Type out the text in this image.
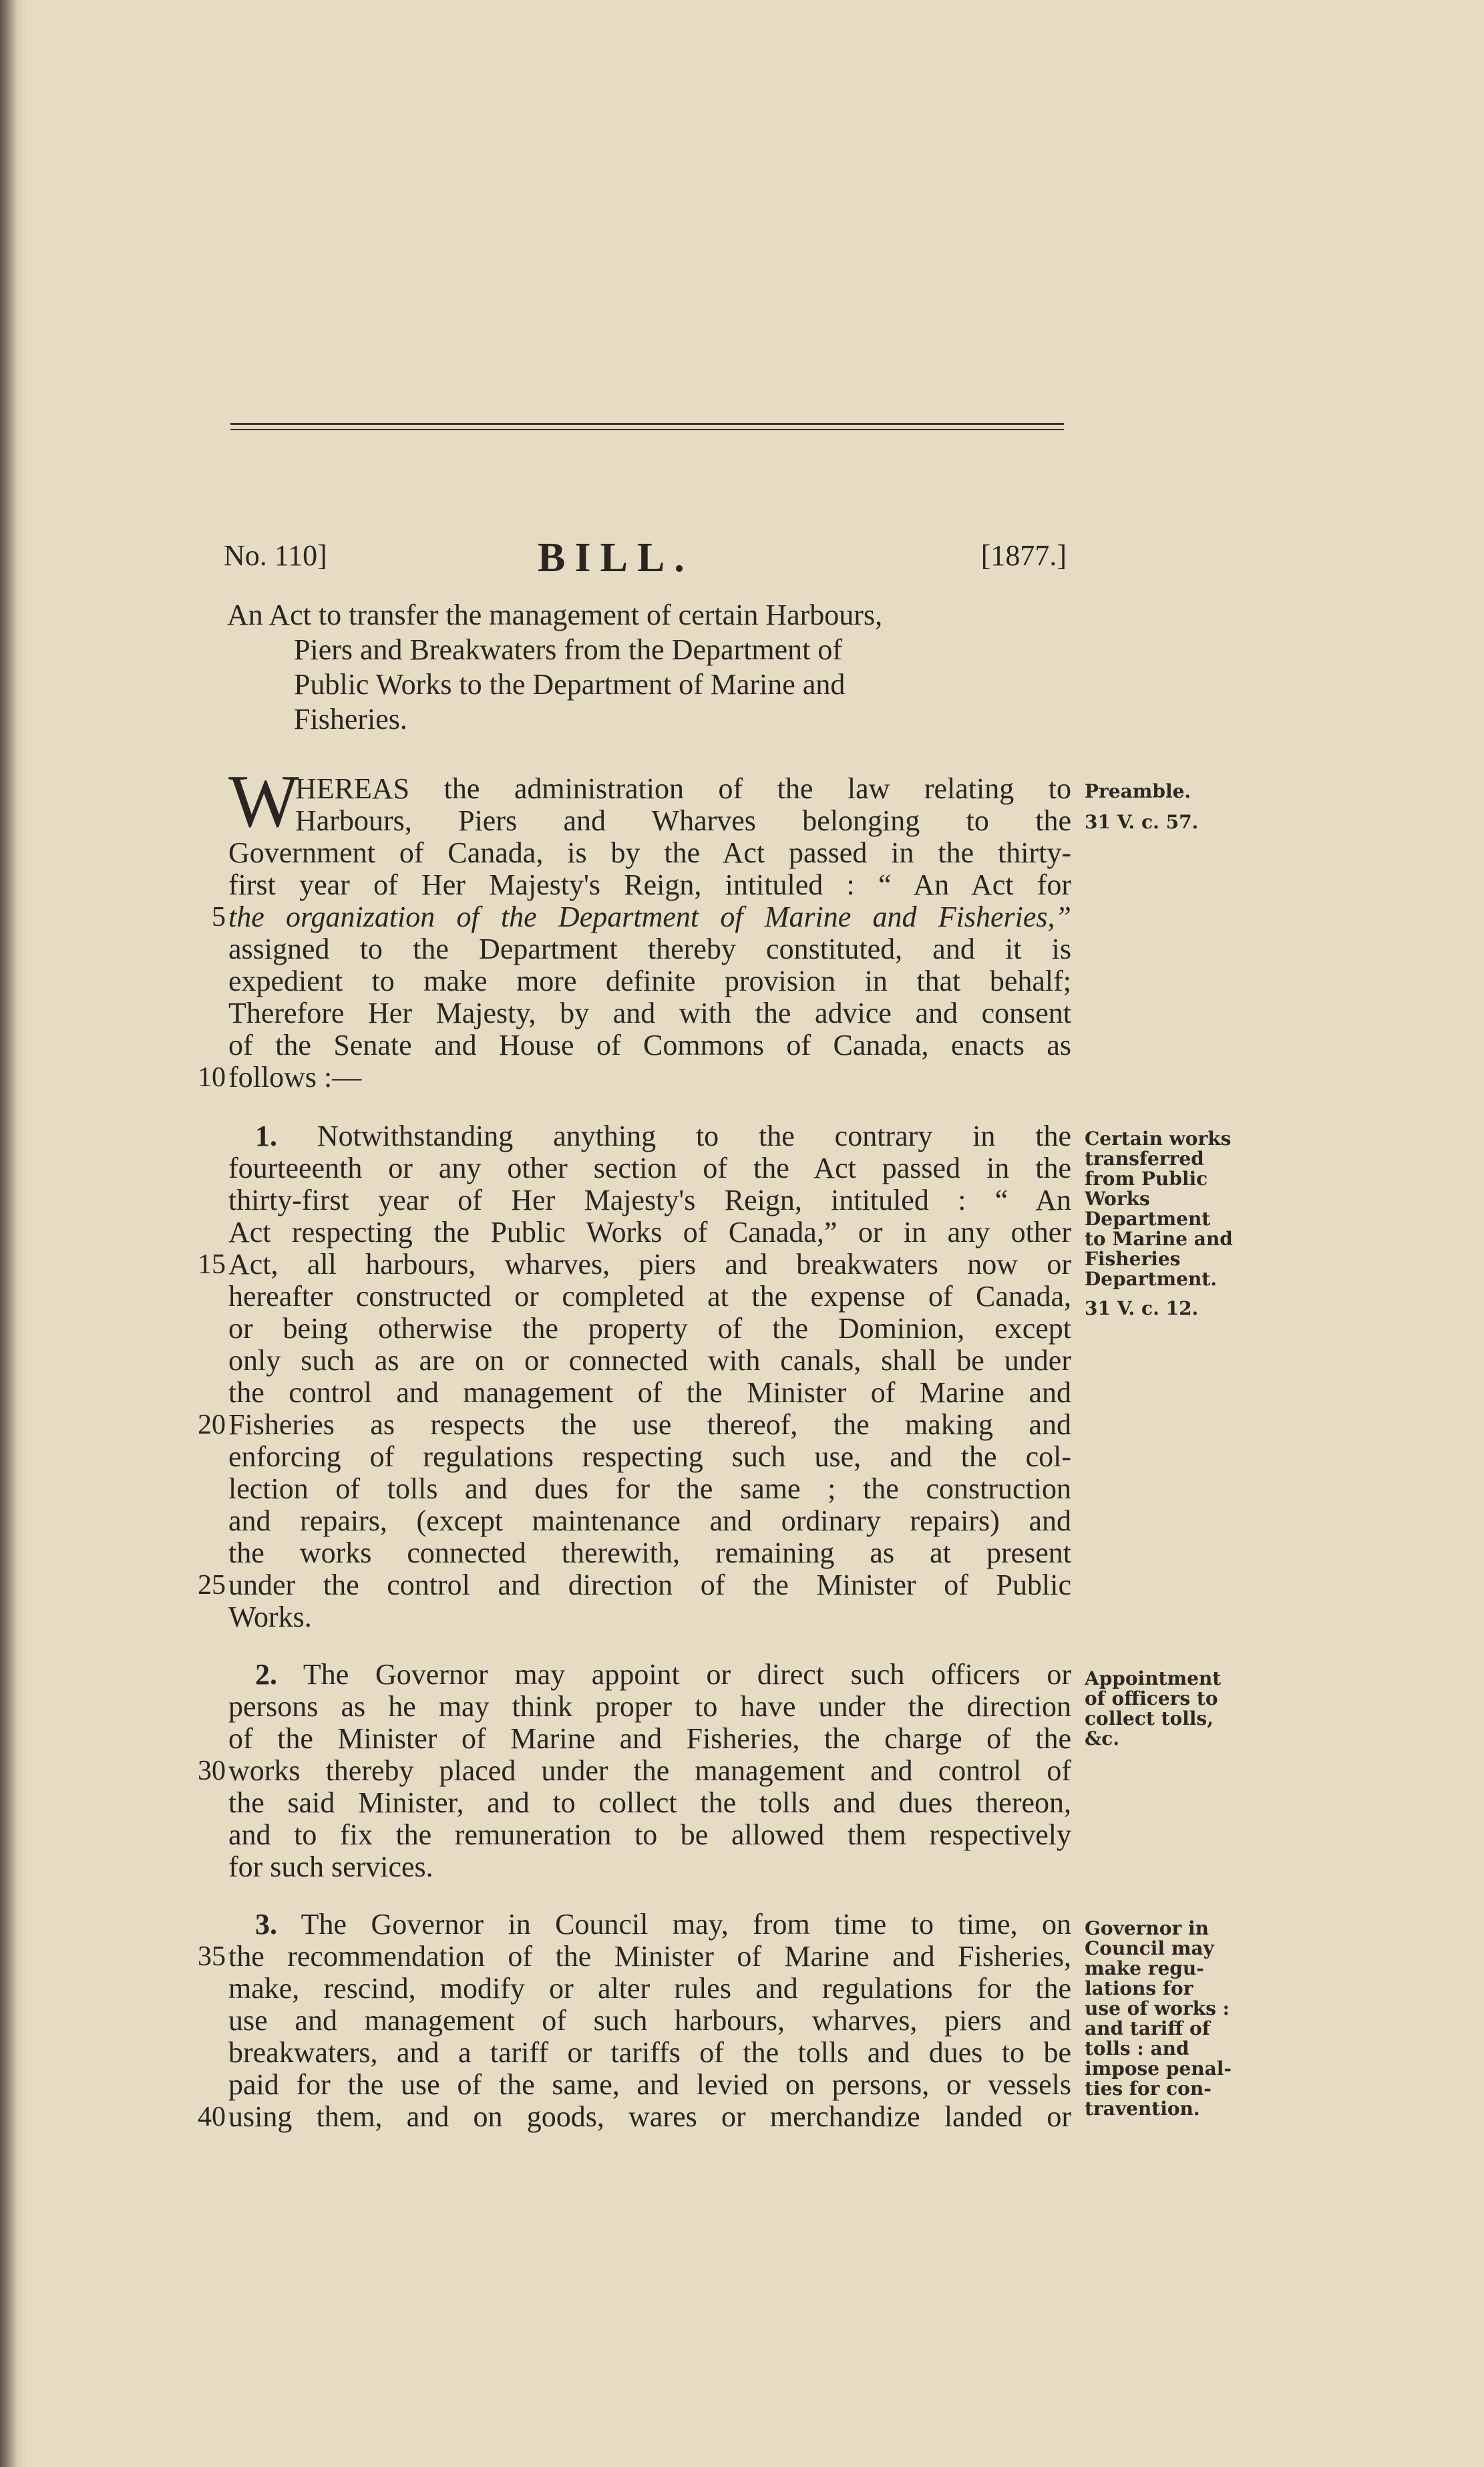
No. 110]	BILL.	[1877.]
An Act to transfer the management of certain Harbours,
Piers and Breakwaters from the Department of
Public Works to the Department of Marine and
Fisheries.
W
HEREAS the administration of the law relating to
Harbours, Piers and Wharves belonging to the
Government of Canada, is by the Act passed in the thirty-
first year of Her Majesty's Reign, intituled : “ An Act for
the organization of the Department of Marine and Fisheries,”
assigned to the Department thereby constituted, and it is
expedient to make more definite provision in that behalf;
Therefore Her Majesty, by and with the advice and consent
of the Senate and House of Commons of Canada, enacts as
follows :—
1. Notwithstanding anything to the contrary in the
fourteeenth or any other section of the Act passed in the
thirty-first year of Her Majesty's Reign, intituled : “ An
Act respecting the Public Works of Canada,” or in any other
Act, all harbours, wharves, piers and breakwaters now or
hereafter constructed or completed at the expense of Canada,
or being otherwise the property of the Dominion, except
only such as are on or connected with canals, shall be under
the control and management of the Minister of Marine and
Fisheries as respects the use thereof, the making and
enforcing of regulations respecting such use, and the col-
lection of tolls and dues for the same ; the construction
and repairs, (except maintenance and ordinary repairs) and
the works connected therewith, remaining as at present
under the control and direction of the Minister of Public
Works.
2. The Governor may appoint or direct such officers or
persons as he may think proper to have under the direction
of the Minister of Marine and Fisheries, the charge of the
works thereby placed under the management and control of
the said Minister, and to collect the tolls and dues thereon,
and to fix the remuneration to be allowed them respectively
for such services.
3. The Governor in Council may, from time to time, on
the recommendation of the Minister of Marine and Fisheries,
make, rescind, modify or alter rules and regulations for the
use and management of such harbours, wharves, piers and
breakwaters, and a tariff or tariffs of the tolls and dues to be
paid for the use of the same, and levied on persons, or vessels
using them, and on goods, wares or merchandize landed or
5
10
15
20
25
30
35
40
Preamble.
31 V. c. 57.
Certain works
transferred
from Public
Works
Department
to Marine and
Fisheries
Department.
31 V. c. 12.
Appointment
of officers to
collect tolls,
&c.
Governor in
Council may
make regu-
lations for
use of works :
and tariff of
tolls : and
impose penal-
ties for con-
travention.
